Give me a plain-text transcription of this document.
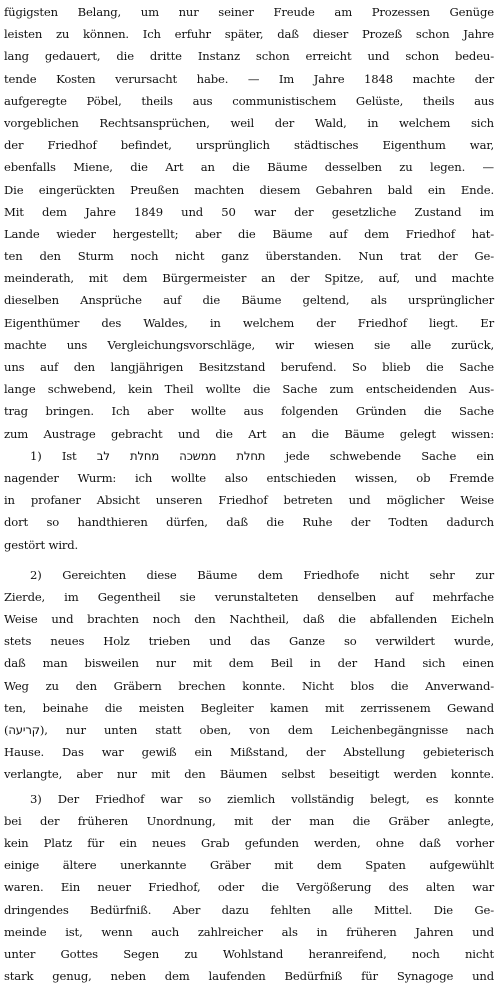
fügigsten Belang, um nur seiner Freude am Prozessen Genüge
leisten zu können. Ich erfuhr später, daß dieser Prozeß schon Jahre
lang gedauert, die dritte Instanz schon erreicht und schon bedeu-
tende Kosten verursacht habe. — Im Jahre 1848 machte der
aufgeregte Pöbel, theils aus communistischem Gelüste, theils aus
vorgeblichen Rechtsansprüchen, weil der Wald, in welchem sich
der Friedhof befindet, ursprünglich städtisches Eigenthum war,
ebenfalls Miene, die Art an die Bäume desselben zu legen. —
Die eingerückten Preußen machten diesem Gebahren bald ein Ende.
Mit dem Jahre 1849 und 50 war der gesetzliche Zustand im
Lande wieder hergestellt; aber die Bäume auf dem Friedhof hat-
ten den Sturm noch nicht ganz überstanden. Nun trat der Ge-
meinderath, mit dem Bürgermeister an der Spitze, auf, und machte
dieselben Ansprüche auf die Bäume geltend, als ursprünglicher
Eigenthümer des Waldes, in welchem der Friedhof liegt. Er
machte uns Vergleichungsvorschläge, wir wiesen sie alle zurück,
uns auf den langjährigen Besitzstand berufend. So blieb die Sache
lange schwebend, kein Theil wollte die Sache zum entscheidenden Aus-
trag bringen. Ich aber wollte aus folgenden Gründen die Sache
zum Austrage gebracht und die Art an die Bäume gelegt wissen:
1) Ist תחלת ממשכה מחלת לב jede schwebende Sache ein
nagender Wurm: ich wollte also entschieden wissen, ob Fremde
in profaner Absicht unseren Friedhof betreten und möglicher Weise
dort so handthieren dürfen, daß die Ruhe der Todten dadurch
gestört wird.
2) Gereichten diese Bäume dem Friedhofe nicht sehr zur
Zierde, im Gegentheil sie verunstalteten denselben auf mehrfache
Weise und brachten noch den Nachtheil, daß die abfallenden Eicheln
stets neues Holz trieben und das Ganze so verwildert wurde,
daß man bisweilen nur mit dem Beil in der Hand sich einen
Weg zu den Gräbern brechen konnte. Nicht blos die Anverwand-
ten, beinahe die meisten Begleiter kamen mit zerrissenem Gewand
(קריעה), nur unten statt oben, von dem Leichenbegängnisse nach
Hause. Das war gewiß ein Mißstand, der Abstellung gebieterisch
verlangte, aber nur mit den Bäumen selbst beseitigt werden konnte.
3) Der Friedhof war so ziemlich vollständig belegt, es konnte
bei der früheren Unordnung, mit der man die Gräber anlegte,
kein Platz für ein neues Grab gefunden werden, ohne daß vorher
einige ältere unerkannte Gräber mit dem Spaten aufgewühlt
waren. Ein neuer Friedhof, oder die Vergößerung des alten war
dringendes Bedürfniß. Aber dazu fehlten alle Mittel. Die Ge-
meinde ist, wenn auch zahlreicher als in früheren Jahren und
unter Gottes Segen zu Wohlstand heranreifend, noch nicht
stark genug, neben dem laufenden Bedürfniß für Synagoge und
